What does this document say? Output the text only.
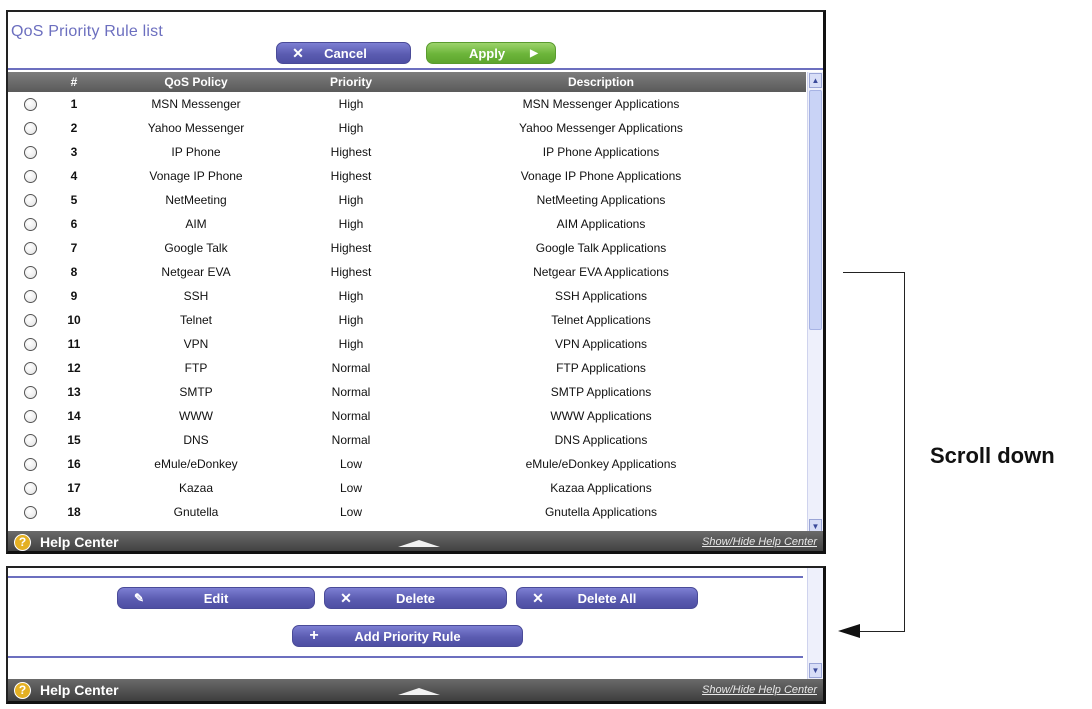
QoS Priority Rule list
✕	Cancel	Apply	▶
#	QoS Policy	Priority	Description
1	MSN Messenger	High	MSN Messenger Applications
2	Yahoo Messenger	High	Yahoo Messenger Applications
3	IP Phone	Highest	IP Phone Applications
4	Vonage IP Phone	Highest	Vonage IP Phone Applications
5	NetMeeting	High	NetMeeting Applications
6	AIM	High	AIM Applications
7	Google Talk	Highest	Google Talk Applications
8	Netgear EVA	Highest	Netgear EVA Applications
9	SSH	High	SSH Applications
10	Telnet	High	Telnet Applications
11	VPN	High	VPN Applications
12	FTP	Normal	FTP Applications
13	SMTP	Normal	SMTP Applications
14	WWW	Normal	WWW Applications
15	DNS	Normal	DNS Applications
16	eMule/eDonkey	Low	eMule/eDonkey Applications
17	Kazaa	Low	Kazaa Applications
18	Gnutella	Low	Gnutella Applications
▲
▼
? Help Center	Show/Hide Help Center
✎	Edit	✕	Delete	✕	Delete All
+	Add Priority Rule
▼
? Help Center	Show/Hide Help Center
Scroll down
